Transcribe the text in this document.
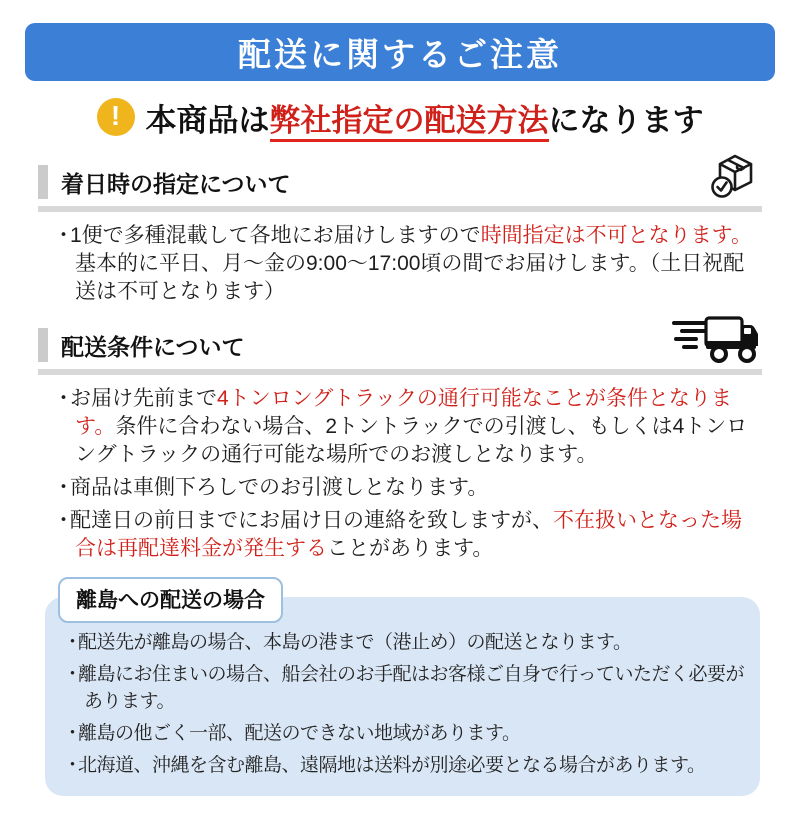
配送に関するご注意
! 本商品は弊社指定の配送方法になります
着日時の指定について
・1便で多種混載して各地にお届けしますので時間指定は不可となります。基本的に平日、月〜金の9:00〜17:00頃の間でお届けします。（土日祝配送は不可となります）
配送条件について
・お届け先前まで4トンロングトラックの通行可能なことが条件となります。条件に合わない場合、2トントラックでの引渡し、もしくは4トンロングトラックの通行可能な場所でのお渡しとなります。
・商品は車側下ろしでのお引渡しとなります。
・配達日の前日までにお届け日の連絡を致しますが、不在扱いとなった場合は再配達料金が発生することがあります。
離島への配送の場合
・配送先が離島の場合、本島の港まで（港止め）の配送となります。
・離島にお住まいの場合、船会社のお手配はお客様ご自身で行っていただく必要があります。
・離島の他ごく一部、配送のできない地域があります。
・北海道、沖縄を含む離島、遠隔地は送料が別途必要となる場合があります。
